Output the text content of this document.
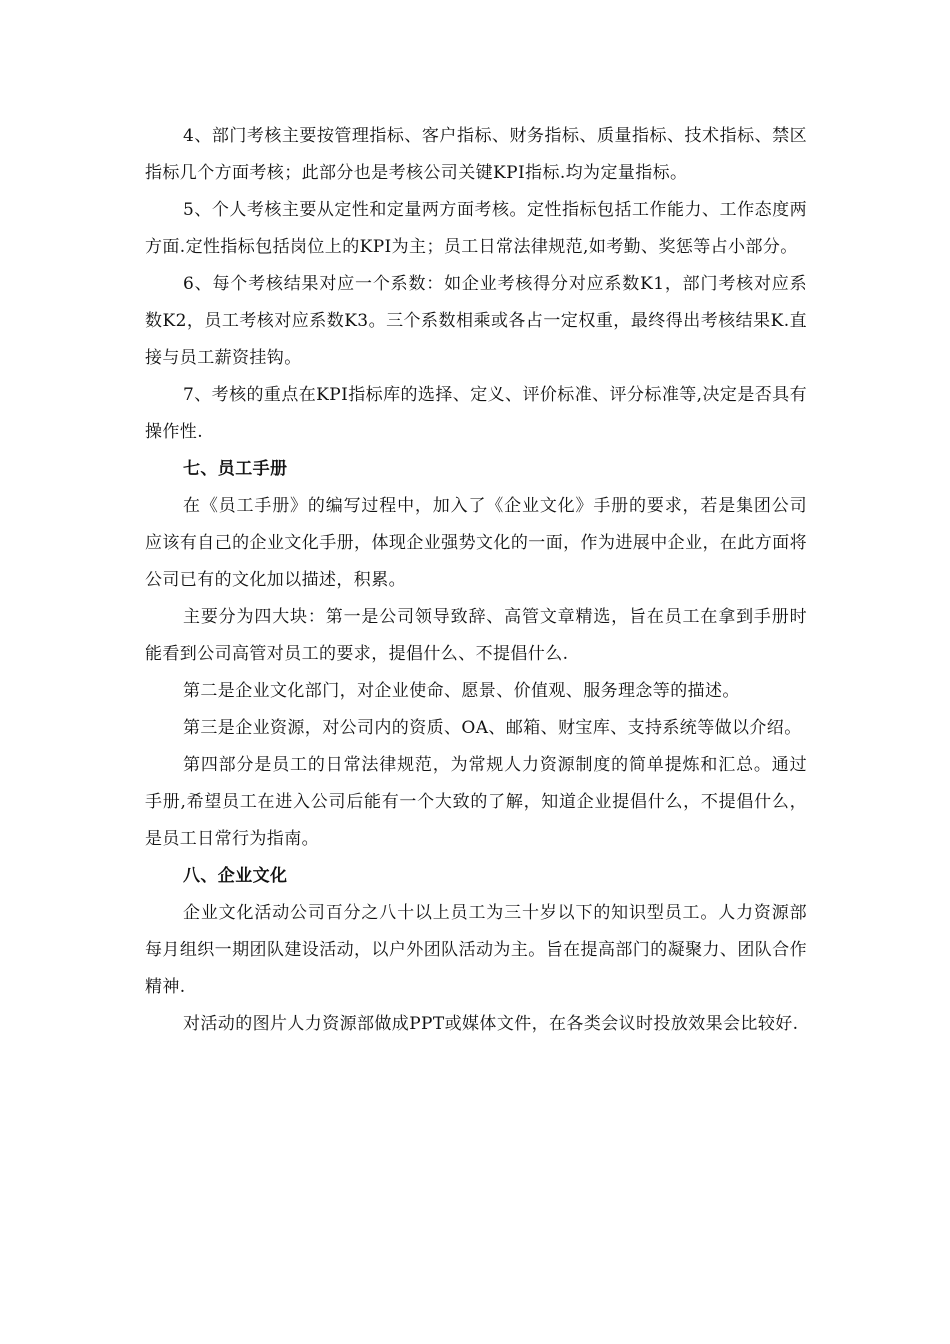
4、部门考核主要按管理指标、客户指标、财务指标、质量指标、技术指标、禁区指标几个方面考核；此部分也是考核公司关键KPI指标.均为定量指标。

5、个人考核主要从定性和定量两方面考核。定性指标包括工作能力、工作态度两方面.定性指标包括岗位上的KPI为主；员工日常法律规范,如考勤、奖惩等占小部分。

6、每个考核结果对应一个系数：如企业考核得分对应系数K1，部门考核对应系数K2，员工考核对应系数K3。三个系数相乘或各占一定权重，最终得出考核结果K.直接与员工薪资挂钩。

7、考核的重点在KPI指标库的选择、定义、评价标准、评分标准等,决定是否具有操作性.

七、员工手册

在《员工手册》的编写过程中，加入了《企业文化》手册的要求，若是集团公司应该有自己的企业文化手册，体现企业强势文化的一面，作为进展中企业，在此方面将公司已有的文化加以描述，积累。

主要分为四大块：第一是公司领导致辞、高管文章精选，旨在员工在拿到手册时能看到公司高管对员工的要求，提倡什么、不提倡什么.

第二是企业文化部门，对企业使命、愿景、价值观、服务理念等的描述。

第三是企业资源，对公司内的资质、OA、邮箱、财宝库、支持系统等做以介绍。

第四部分是员工的日常法律规范，为常规人力资源制度的简单提炼和汇总。通过手册,希望员工在进入公司后能有一个大致的了解，知道企业提倡什么，不提倡什么，是员工日常行为指南。

八、企业文化

企业文化活动公司百分之八十以上员工为三十岁以下的知识型员工。人力资源部每月组织一期团队建设活动，以户外团队活动为主。旨在提高部门的凝聚力、团队合作精神.

对活动的图片人力资源部做成PPT或媒体文件，在各类会议时投放效果会比较好.
